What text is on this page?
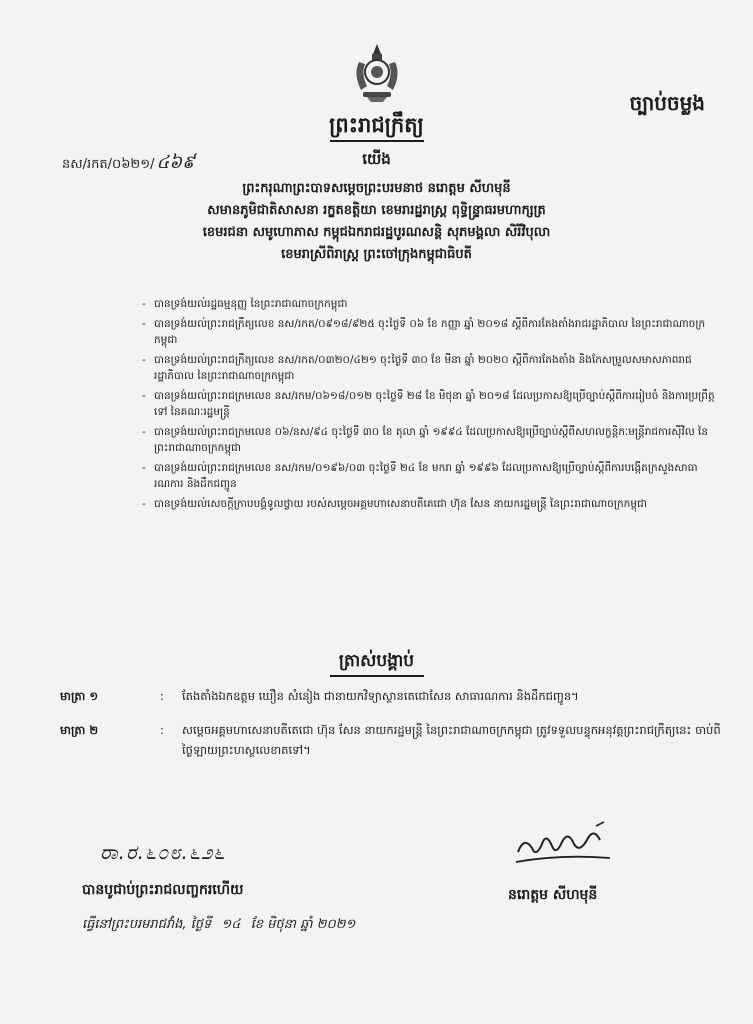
ច្បាប់ចម្លង
ព្រះរាជក្រឹត្យ
នស/រកត/០៦២១/ ៤៦៩	យើង
ព្រះករុណាព្រះបាទសម្តេចព្រះបរមនាថ នរោត្តម សីហមុនី
សមានភូមិជាតិសាសនា រក្ខតខត្តិយា ខេមរារដ្ឋរាស្ត្រ ពុទ្ធិន្ទ្រាធរមហាក្សត្រ
ខេមរជនា សមូហោភាស កម្ពុជឯករាជរដ្ឋបូរណសន្តិ សុភមង្គលា សិរីវិបុលា
ខេមរាស្រីពិរាស្ត្រ ព្រះចៅក្រុងកម្ពុជាធិបតី
- បានទ្រង់យល់រដ្ឋធម្មនុញ្ញ នៃព្រះរាជាណាចក្រកម្ពុជា
- បានទ្រង់យល់ព្រះរាជក្រឹត្យលេខ នស/រកត/០៩១៨/៩២៥ ចុះថ្ងៃទី ០៦ ខែ កញ្ញា ឆ្នាំ ២០១៨ ស្តីពីការតែងតាំងរាជរដ្ឋាភិបាល នៃព្រះរាជាណាចក្រកម្ពុជា
- បានទ្រង់យល់ព្រះរាជក្រឹត្យលេខ នស/រកត/០៣២០/៤២១ ចុះថ្ងៃទី ៣០ ខែ មីនា ឆ្នាំ ២០២០ ស្តីពីការតែងតាំង និងកែសម្រួលសមាសភាពរាជរដ្ឋាភិបាល នៃព្រះរាជាណាចក្រកម្ពុជា
- បានទ្រង់យល់ព្រះរាជក្រមលេខ នស/រកម/០៦១៨/០១២ ចុះថ្ងៃទី ២៨ ខែ មិថុនា ឆ្នាំ ២០១៨ ដែលប្រកាសឱ្យប្រើច្បាប់ស្តីពីការរៀបចំ និងការប្រព្រឹត្តទៅ នៃគណៈរដ្ឋមន្ត្រី
- បានទ្រង់យល់ព្រះរាជក្រមលេខ ០៦/នស/៩៤ ចុះថ្ងៃទី ៣០ ខែ តុលា ឆ្នាំ ១៩៩៤ ដែលប្រកាសឱ្យប្រើច្បាប់ស្តីពីសហលក្ខន្តិកៈមន្ត្រីរាជការស៊ីវិល នៃព្រះរាជាណាចក្រកម្ពុជា
- បានទ្រង់យល់ព្រះរាជក្រមលេខ នស/រកម/០១៩៦/០៣ ចុះថ្ងៃទី ២៤ ខែ មករា ឆ្នាំ ១៩៩៦ ដែលប្រកាសឱ្យប្រើច្បាប់ស្តីពីការបង្កើតក្រសួងសាធារណការ និងដឹកជញ្ជូន
- បានទ្រង់យល់សេចក្តីក្រាបបង្គំទូលថ្វាយ របស់សម្តេចអគ្គមហាសេនាបតីតេជោ ហ៊ុន សែន នាយករដ្ឋមន្ត្រី នៃព្រះរាជាណាចក្រកម្ពុជា
ត្រាស់បង្គាប់
មាត្រា ១	:	តែងតាំងឯកឧត្តម ឃឿន សំនៀង ជានាយកវិទ្យាស្ថានតេជោសែន សាធារណការ និងដឹកជញ្ជូន។
មាត្រា ២	:	សម្តេចអគ្គមហាសេនាបតីតេជោ ហ៊ុន សែន នាយករដ្ឋមន្ត្រី នៃព្រះរាជាណាចក្រកម្ពុជា ត្រូវទទួលបន្ទុកអនុវត្តព្រះរាជក្រឹត្យនេះ ចាប់ពីថ្ងៃឡាយព្រះហស្ថលេខាតទៅ។
ರಾ.ರ.೬೦೮.೬೨೬
បានបូជាប់ព្រះរាជលញ្ចករហើយ
ធ្វើនៅព្រះបរមរាជវាំង, ថ្ងៃទី ១៤ ខែ មិថុនា ឆ្នាំ ២០២១
នរោត្តម សីហមុនី
